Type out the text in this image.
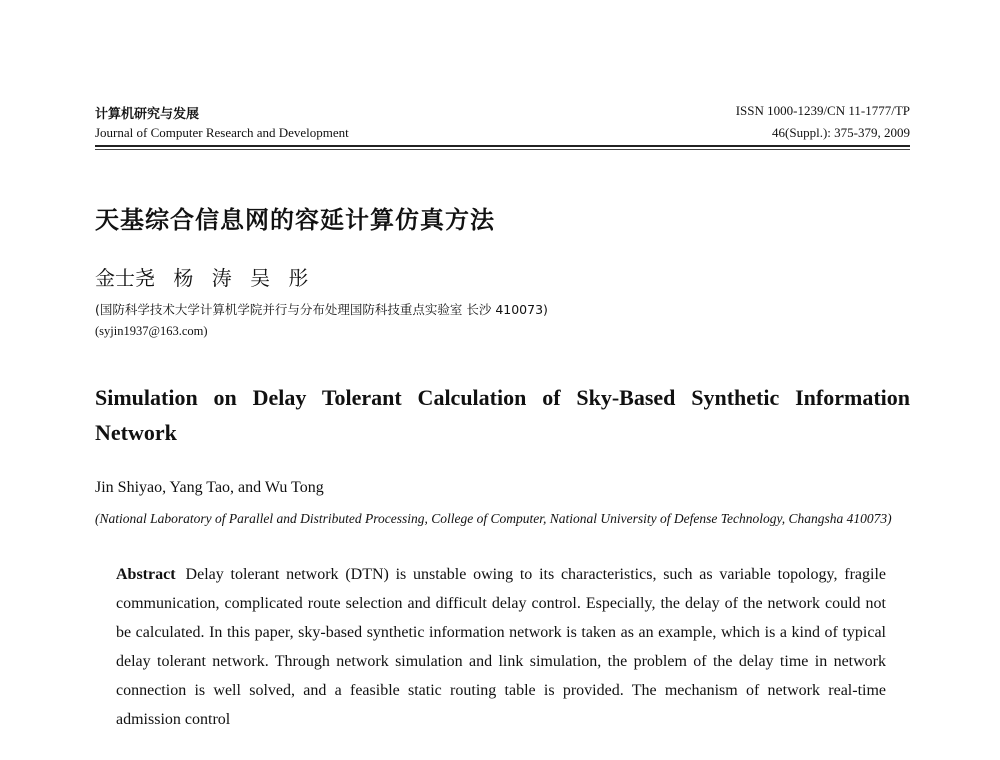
计算机研究与发展
Journal of Computer Research and Development
ISSN 1000-1239/CN 11-1777/TP
46(Suppl.): 375-379, 2009
天基综合信息网的容延计算仿真方法
金士尧 杨 涛 吴 彤
(国防科学技术大学计算机学院并行与分布处理国防科技重点实验室 长沙 410073)
(syjin1937@163.com)
Simulation on Delay Tolerant Calculation of Sky-Based Synthetic Information Network
Jin Shiyao, Yang Tao, and Wu Tong
(National Laboratory of Parallel and Distributed Processing, College of Computer, National University of Defense Technology, Changsha 410073)
Abstract Delay tolerant network (DTN) is unstable owing to its characteristics, such as variable topology, fragile communication, complicated route selection and difficult delay control. Especially, the delay of the network could not be calculated. In this paper, sky-based synthetic information network is taken as an example, which is a kind of typical delay tolerant network. Through network simulation and link simulation, the problem of the delay time in network connection is well solved, and a feasible static routing table is provided. The mechanism of network real-time admission control
